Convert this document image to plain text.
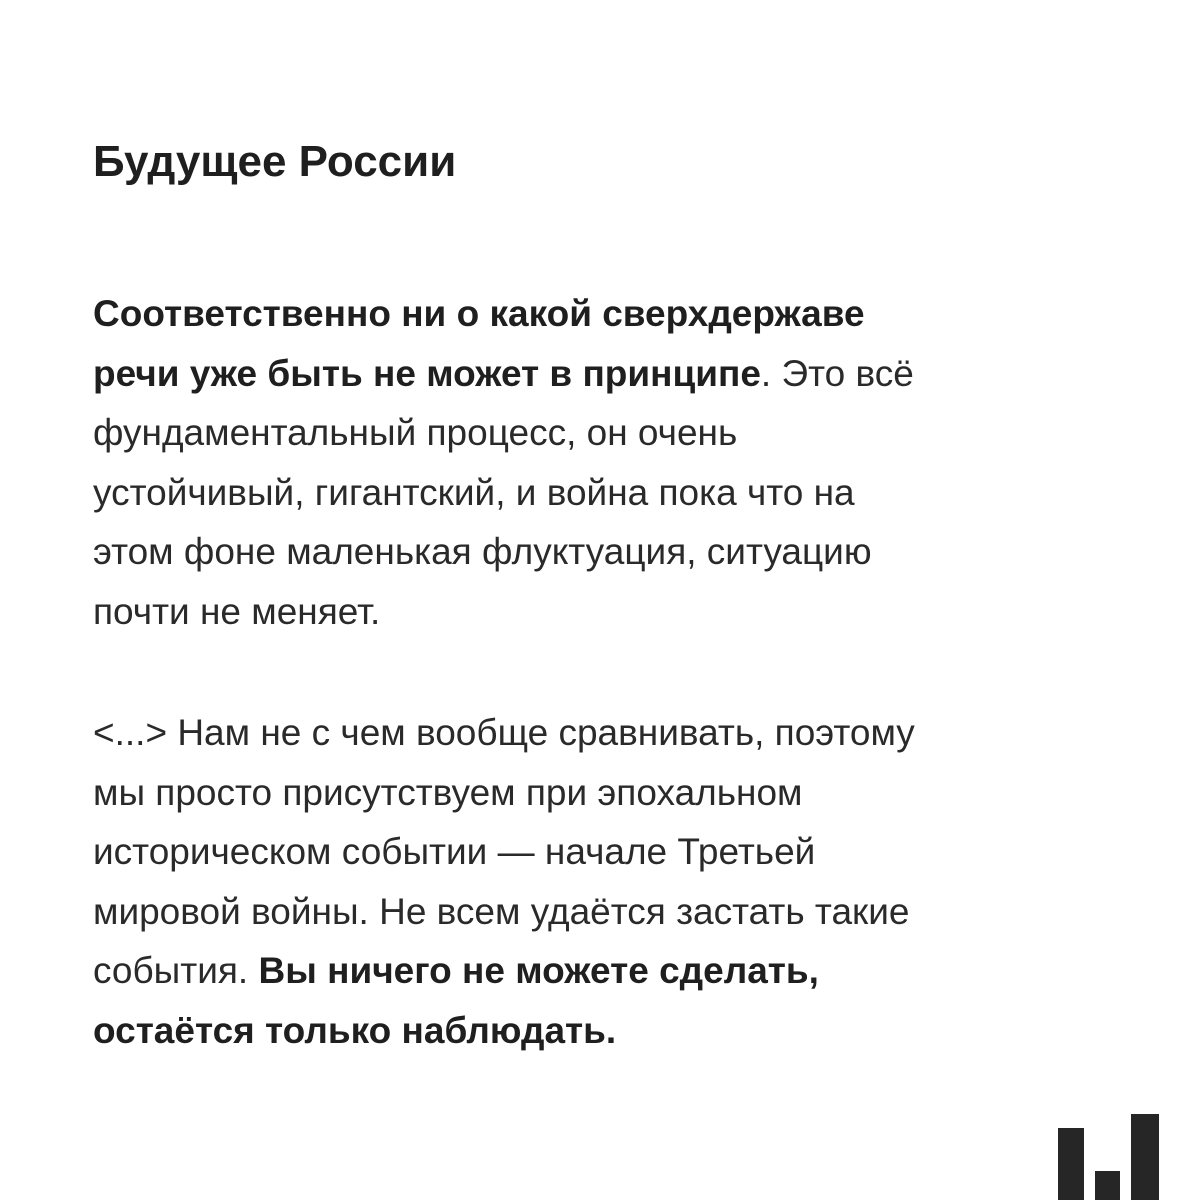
Будущее России

Соответственно ни о какой сверхдержаве
речи уже быть не может в принципе. Это всё
фундаментальный процесс, он очень
устойчивый, гигантский, и война пока что на
этом фоне маленькая флуктуация, ситуацию
почти не меняет.

<...> Нам не с чем вообще сравнивать, поэтому
мы просто присутствуем при эпохальном
историческом событии — начале Третьей
мировой войны. Не всем удаётся застать такие
события. Вы ничего не можете сделать,
остаётся только наблюдать.
